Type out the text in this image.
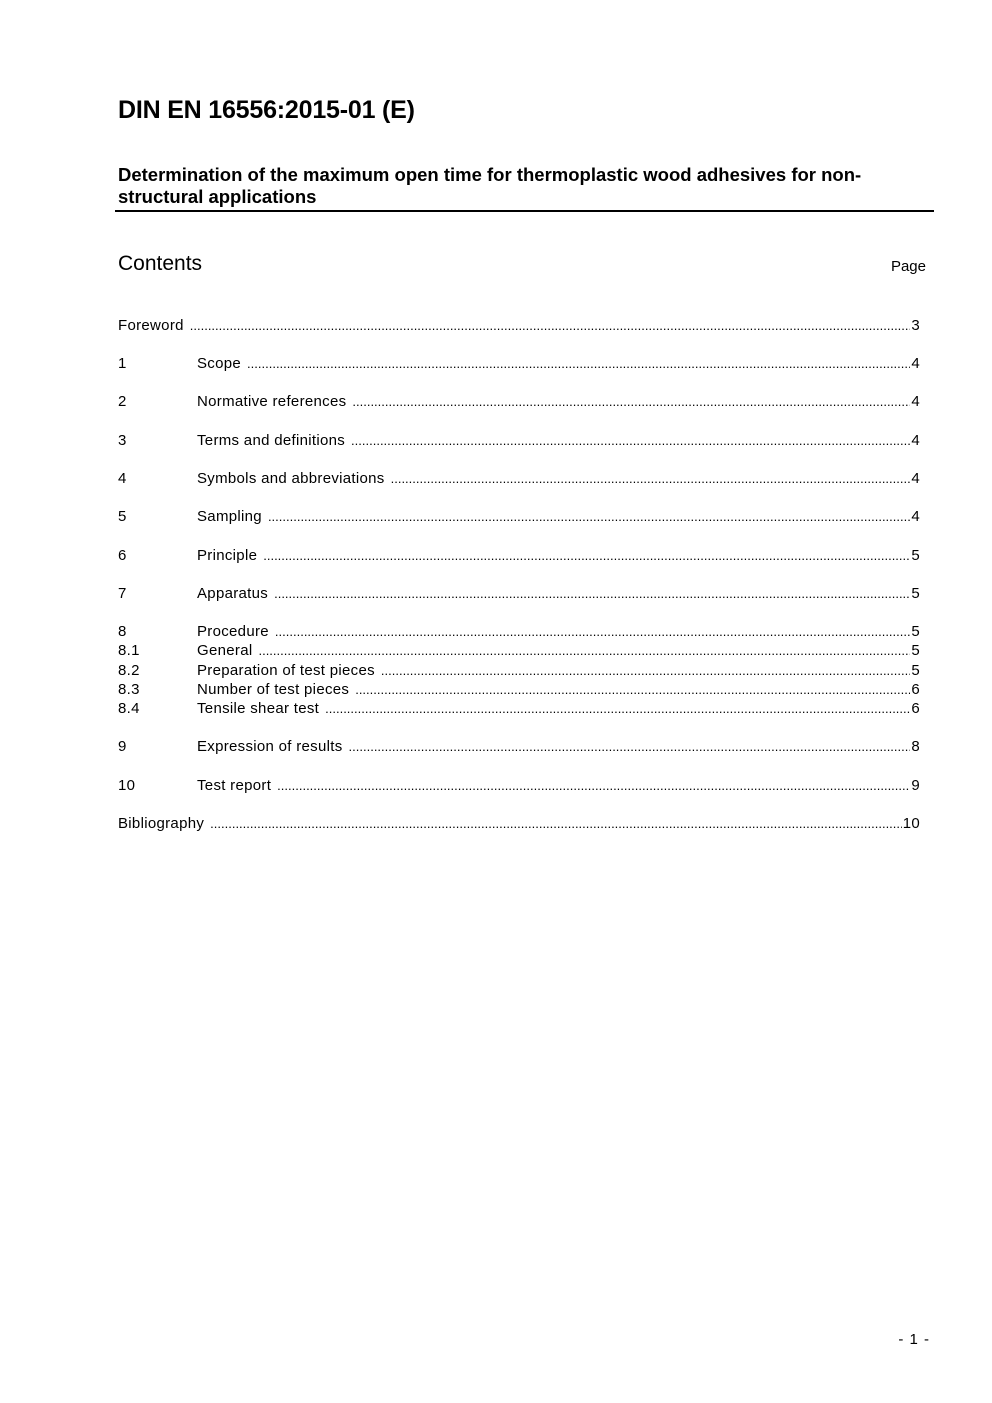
DIN EN 16556:2015-01 (E)
Determination of the maximum open time for thermoplastic wood adhesives for non-structural applications
Contents	Page
Foreword .....	3
1	Scope .....	4
2	Normative references .....	4
3	Terms and definitions .....	4
4	Symbols and abbreviations .....	4
5	Sampling .....	4
6	Principle .....	5
7	Apparatus .....	5
8	Procedure .....	5
8.1	General .....	5
8.2	Preparation of test pieces .....	5
8.3	Number of test pieces .....	6
8.4	Tensile shear test .....	6
9	Expression of results .....	8
10	Test report .....	9
Bibliography .....	10
- 1 -
